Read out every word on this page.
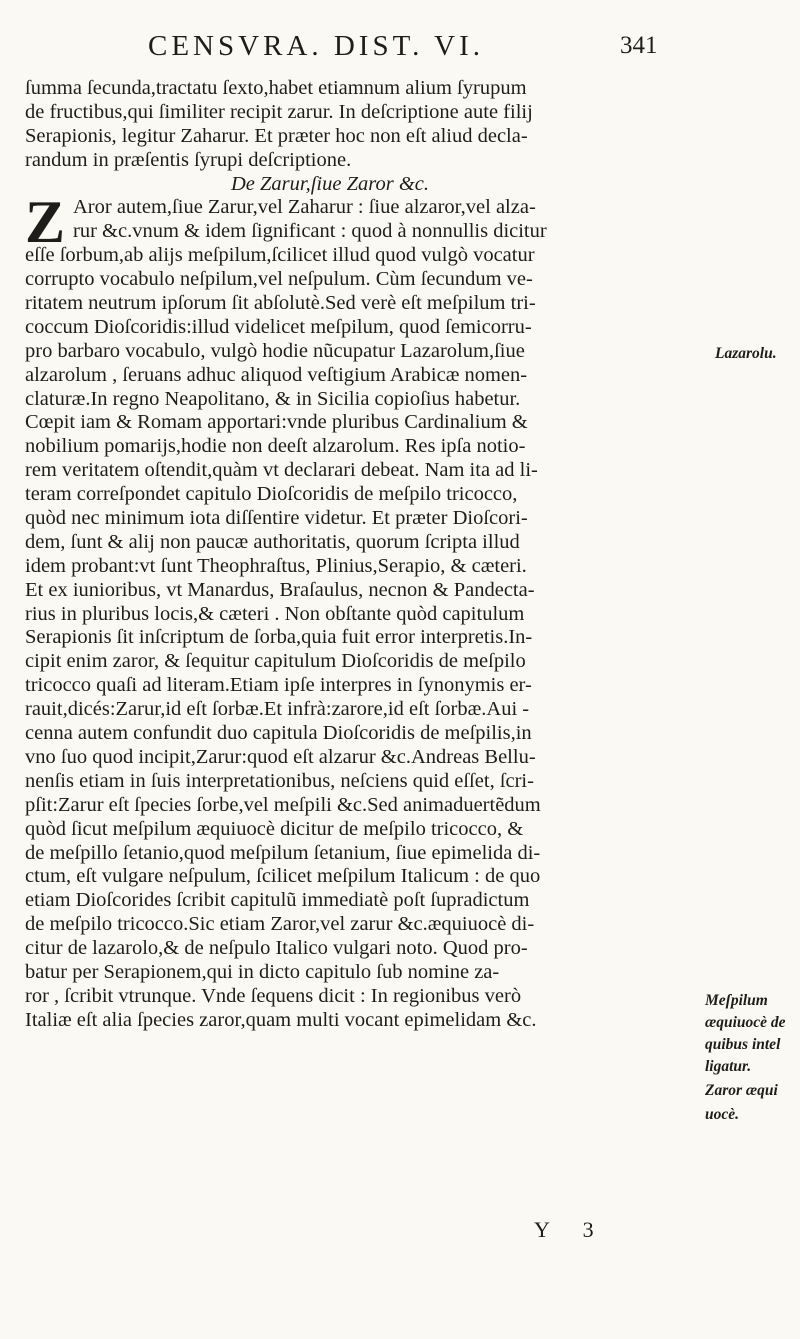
CENSVRA. DIST. VI.	341
ſumma ſecunda,tractatu ſexto,habet etiamnum alium ſyrupum
de fructibus,qui ſimiliter recipit zarur. In deſcriptione aute filij
Serapionis, legitur Zaharur. Et præter hoc non eſt aliud decla-
randum in præſentis ſyrupi deſcriptione.
De Zarur,ſiue Zaror &c.
Z Aror autem,ſiue Zarur,vel Zaharur : ſiue alzaror,vel alza-
rur &c.vnum & idem ſignificant : quod à nonnullis dicitur
eſſe ſorbum,ab alijs meſpilum,ſcilicet illud quod vulgò vocatur
corrupto vocabulo neſpilum,vel neſpulum. Cùm ſecundum ve-
ritatem neutrum ipſorum ſit abſolutè.Sed verè eſt meſpilum tri-
coccum Dioſcoridis:illud videlicet meſpilum, quod ſemicorru-
pro barbaro vocabulo, vulgò hodie nũcupatur Lazarolum,ſiue
alzarolum , ſeruans adhuc aliquod veſtigium Arabicæ nomen-
claturæ.In regno Neapolitano, & in Sicilia copioſius habetur.
Cœpit iam & Romam apportari:vnde pluribus Cardinalium &
nobilium pomarijs,hodie non deeſt alzarolum. Res ipſa notio-
rem veritatem oſtendit,quàm vt declarari debeat. Nam ita ad li-
teram correſpondet capitulo Dioſcoridis de meſpilo tricocco,
quòd nec minimum iota diſſentire videtur. Et præter Dioſcori-
dem, ſunt & alij non paucæ authoritatis, quorum ſcripta illud
idem probant:vt ſunt Theophraſtus, Plinius,Serapio, & cæteri.
Et ex iunioribus, vt Manardus, Braſaulus, necnon & Pandecta-
rius in pluribus locis,& cæteri . Non obſtante quòd capitulum
Serapionis ſit inſcriptum de ſorba,quia fuit error interpretis.In-
cipit enim zaror, & ſequitur capitulum Dioſcoridis de meſpilo
tricocco quaſi ad literam.Etiam ipſe interpres in ſynonymis er-
rauit,dicés:Zarur,id eſt ſorbæ.Et infrà:zarore,id eſt ſorbæ.Aui -
cenna autem confundit duo capitula Dioſcoridis de meſpilis,in
vno ſuo quod incipit,Zarur:quod eſt alzarur &c.Andreas Bellu-
nenſis etiam in ſuis interpretationibus, neſciens quid eſſet, ſcri-
pſit:Zarur eſt ſpecies ſorbe,vel meſpili &c.Sed animaduertẽdum
quòd ſicut meſpilum æquiuocè dicitur de meſpilo tricocco, &
de meſpillo ſetanio,quod meſpilum ſetanium, ſiue epimelida di-
ctum, eſt vulgare neſpulum, ſcilicet meſpilum Italicum : de quo
etiam Dioſcorides ſcribit capitulũ immediatè poſt ſupradictum
de meſpilo tricocco.Sic etiam Zaror,vel zarur &c.æquiuocè di-
citur de lazarolo,& de neſpulo Italico vulgari noto. Quod pro-
batur per Serapionem,qui in dicto capitulo ſub nomine za-
ror , ſcribit vtrunque. Vnde ſequens dicit : In regionibus verò
Italiæ eſt alia ſpecies zaror,quam multi vocant epimelidam &c.
Lazarolu.
Meſpilum
æquiuocè de
quibus intel
ligatur.
Zaror æqui
uocè.
Y 3
